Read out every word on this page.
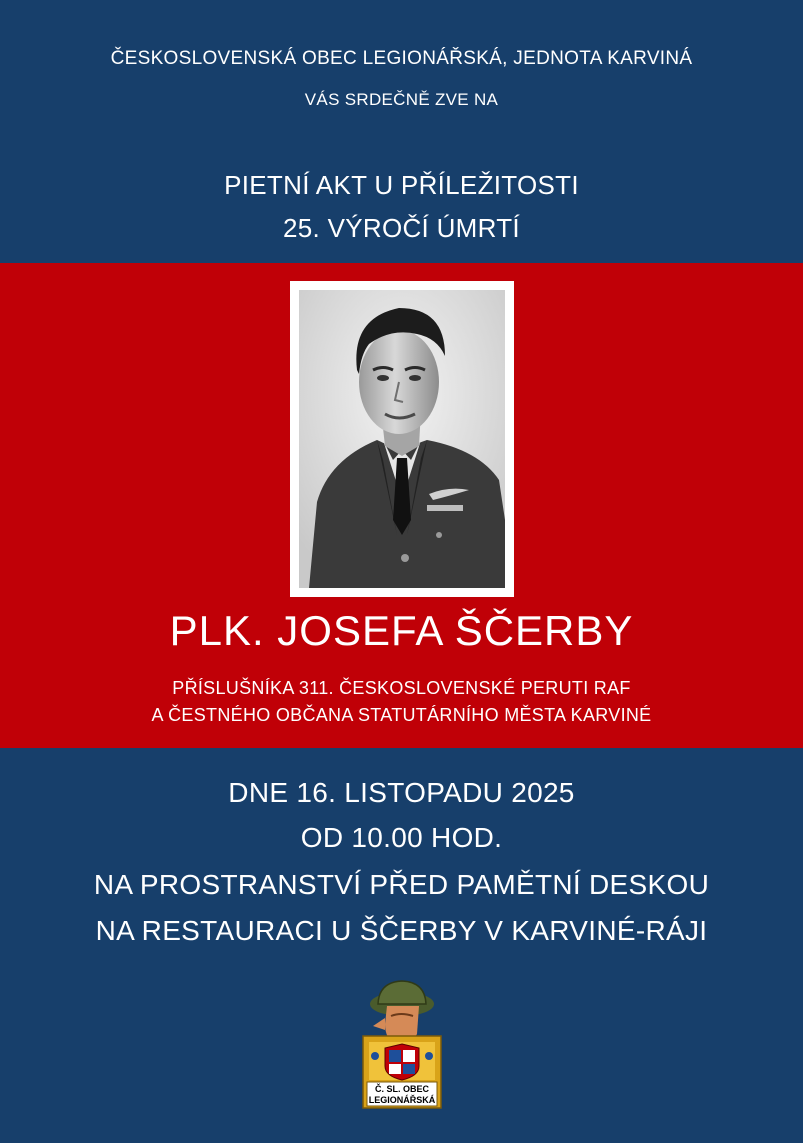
ČESKOSLOVENSKÁ OBEC LEGIONÁŘSKÁ, JEDNOTA KARVINÁ
VÁS SRDEČNĚ ZVE NA
PIETNÍ AKT U PŘÍLEŽITOSTI
25. VÝROČÍ ÚMRTÍ
PLK. JOSEFA ŠČERBY
PŘÍSLUŠNÍKA 311. ČESKOSLOVENSKÉ PERUTI RAF
A ČESTNÉHO OBČANA STATUTÁRNÍHO MĚSTA KARVINÉ
DNE 16. LISTOPADU 2025
OD 10.00 HOD.
NA PROSTRANSTVÍ PŘED PAMĚTNÍ DESKOU
NA RESTAURACI U ŠČERBY V KARVINÉ-RÁJI
Č. SL. OBEC
LEGIONÁŘSKÁ
